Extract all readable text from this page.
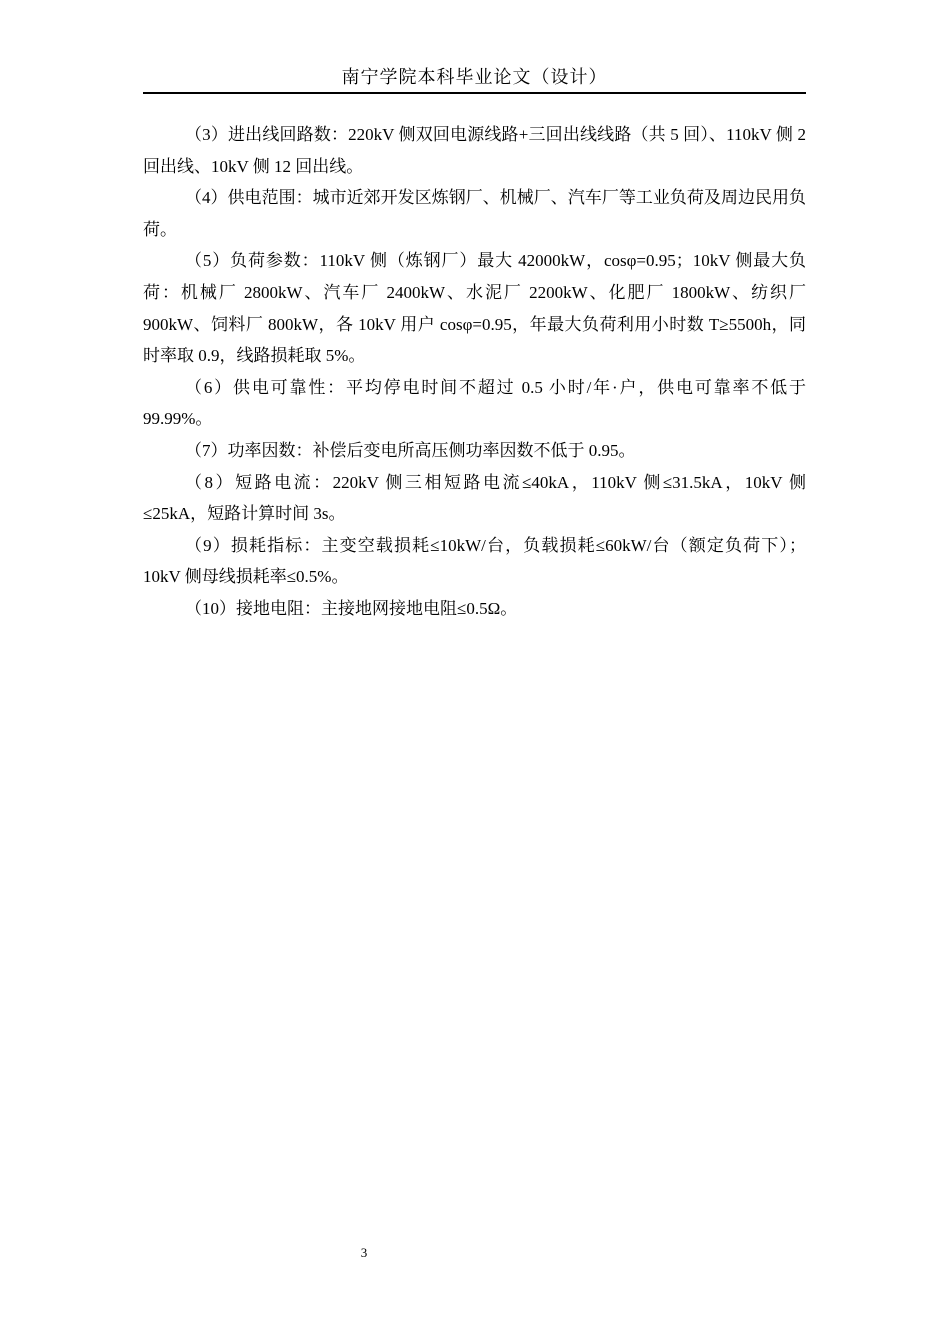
南宁学院本科毕业论文（设计）

（3）进出线回路数：220kV 侧双回电源线路+三回出线线路（共 5 回）、110kV 侧 2 回出线、10kV 侧 12 回出线。

（4）供电范围：城市近郊开发区炼钢厂、机械厂、汽车厂等工业负荷及周边民用负荷。

（5）负荷参数：110kV 侧（炼钢厂）最大 42000kW，cosφ=0.95；10kV 侧最大负荷：机械厂 2800kW、汽车厂 2400kW、水泥厂 2200kW、化肥厂 1800kW、纺织厂 900kW、饲料厂 800kW，各 10kV 用户 cosφ=0.95，年最大负荷利用小时数 T≥5500h，同时率取 0.9，线路损耗取 5%。

（6）供电可靠性：平均停电时间不超过 0.5 小时/年·户，供电可靠率不低于 99.99%。

（7）功率因数：补偿后变电所高压侧功率因数不低于 0.95。

（8）短路电流：220kV 侧三相短路电流≤40kA，110kV 侧≤31.5kA，10kV 侧≤25kA，短路计算时间 3s。

（9）损耗指标：主变空载损耗≤10kW/台，负载损耗≤60kW/台（额定负荷下）；10kV 侧母线损耗率≤0.5%。

（10）接地电阻：主接地网接地电阻≤0.5Ω。

3
